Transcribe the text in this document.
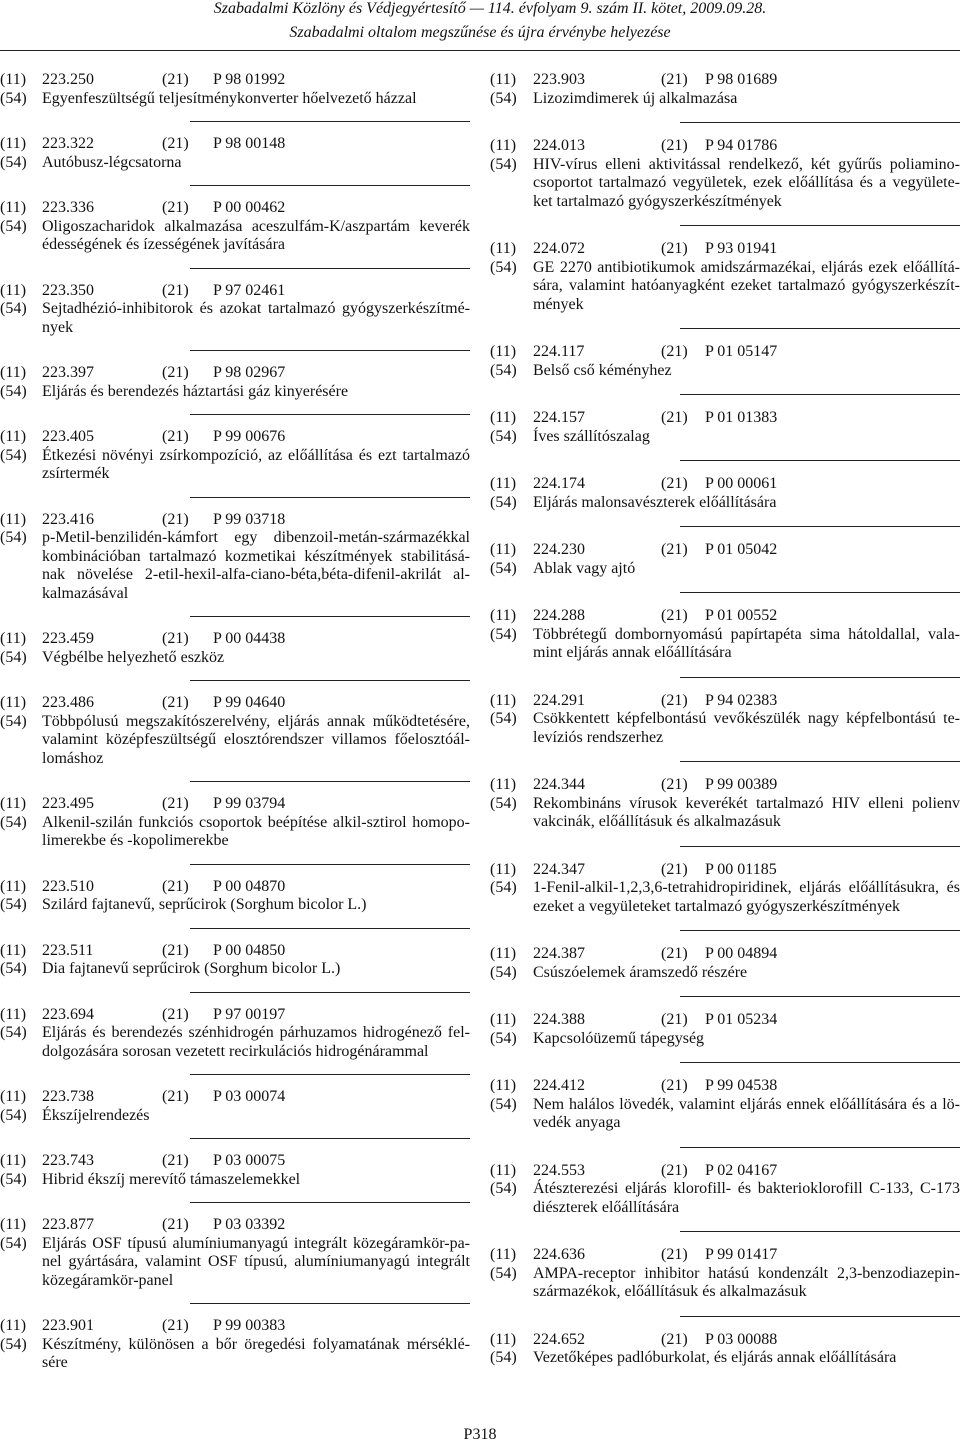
Szabadalmi Közlöny és Védjegyértesítő — 114. évfolyam 9. szám II. kötet, 2009.09.28.
Szabadalmi oltalom megszűnése és újra érvénybe helyezése
(11) 223.250	(21) P 98 01992
(54) Egyenfeszültségű teljesítménykonverter hőelvezető házzal
(11) 223.322	(21) P 98 00148
(54) Autóbusz-légcsatorna
(11) 223.336	(21) P 00 00462
(54) Oligoszacharidok alkalmazása aceszulfám-K/aszpartám keverék
édességének és ízességének javítására
(11) 223.350	(21) P 97 02461
(54) Sejtadhézió-inhibitorok és azokat tartalmazó gyógyszerkészítmé-
nyek
(11) 223.397	(21) P 98 02967
(54) Eljárás és berendezés háztartási gáz kinyerésére
(11) 223.405	(21) P 99 00676
(54) Étkezési növényi zsírkompozíció, az előállítása és ezt tartalmazó
zsírtermék
(11) 223.416	(21) P 99 03718
(54) p-Metil-benzilidén-kámfort egy dibenzoil-metán-származékkal
kombinációban tartalmazó kozmetikai készítmények stabilitásá-
nak növelése 2-etil-hexil-alfa-ciano-béta,béta-difenil-akrilát al-
kalmazásával
(11) 223.459	(21) P 00 04438
(54) Végbélbe helyezhető eszköz
(11) 223.486	(21) P 99 04640
(54) Többpólusú megszakítószerelvény, eljárás annak működtetésére,
valamint középfeszültségű elosztórendszer villamos főelosztóál-
lomáshoz
(11) 223.495	(21) P 99 03794
(54) Alkenil-szilán funkciós csoportok beépítése alkil-sztirol homopo-
limerekbe és -kopolimerekbe
(11) 223.510	(21) P 00 04870
(54) Szilárd fajtanevű, seprűcirok (Sorghum bicolor L.)
(11) 223.511	(21) P 00 04850
(54) Dia fajtanevű seprűcirok (Sorghum bicolor L.)
(11) 223.694	(21) P 97 00197
(54) Eljárás és berendezés szénhidrogén párhuzamos hidrogénező fel-
dolgozására sorosan vezetett recirkulációs hidrogénárammal
(11) 223.738	(21) P 03 00074
(54) Ékszíjelrendezés
(11) 223.743	(21) P 03 00075
(54) Hibrid ékszíj merevítő támaszelemekkel
(11) 223.877	(21) P 03 03392
(54) Eljárás OSF típusú alumíniumanyagú integrált közegáramkör-pa-
nel gyártására, valamint OSF típusú, alumíniumanyagú integrált
közegáramkör-panel
(11) 223.901	(21) P 99 00383
(54) Készítmény, különösen a bőr öregedési folyamatának mérséklé-
sére
(11) 223.903	(21) P 98 01689
(54) Lizozimdimerek új alkalmazása
(11) 224.013	(21) P 94 01786
(54) HIV-vírus elleni aktivitással rendelkező, két gyűrűs poliamino-
csoportot tartalmazó vegyületek, ezek előállítása és a vegyülete-
ket tartalmazó gyógyszerkészítmények
(11) 224.072	(21) P 93 01941
(54) GE 2270 antibiotikumok amidszármazékai, eljárás ezek előállítá-
sára, valamint hatóanyagként ezeket tartalmazó gyógyszerkészít-
mények
(11) 224.117	(21) P 01 05147
(54) Belső cső kéményhez
(11) 224.157	(21) P 01 01383
(54) Íves szállítószalag
(11) 224.174	(21) P 00 00061
(54) Eljárás malonsavészterek előállítására
(11) 224.230	(21) P 01 05042
(54) Ablak vagy ajtó
(11) 224.288	(21) P 01 00552
(54) Többrétegű dombornyomású papírtapéta sima hátoldallal, vala-
mint eljárás annak előállítására
(11) 224.291	(21) P 94 02383
(54) Csökkentett képfelbontású vevőkészülék nagy képfelbontású te-
levíziós rendszerhez
(11) 224.344	(21) P 99 00389
(54) Rekombináns vírusok keverékét tartalmazó HIV elleni polienv
vakcinák, előállításuk és alkalmazásuk
(11) 224.347	(21) P 00 01185
(54) 1-Fenil-alkil-1,2,3,6-tetrahidropiridinek, eljárás előállításukra, és
ezeket a vegyületeket tartalmazó gyógyszerkészítmények
(11) 224.387	(21) P 00 04894
(54) Csúszóelemek áramszedő részére
(11) 224.388	(21) P 01 05234
(54) Kapcsolóüzemű tápegység
(11) 224.412	(21) P 99 04538
(54) Nem halálos lövedék, valamint eljárás ennek előállítására és a lö-
vedék anyaga
(11) 224.553	(21) P 02 04167
(54) Átészterezési eljárás klorofill- és bakterioklorofill C-133, C-173
diészterek előállítására
(11) 224.636	(21) P 99 01417
(54) AMPA-receptor inhibitor hatású kondenzált 2,3-benzodiazepin-
származékok, előállításuk és alkalmazásuk
(11) 224.652	(21) P 03 00088
(54) Vezetőképes padlóburkolat, és eljárás annak előállítására
P318
